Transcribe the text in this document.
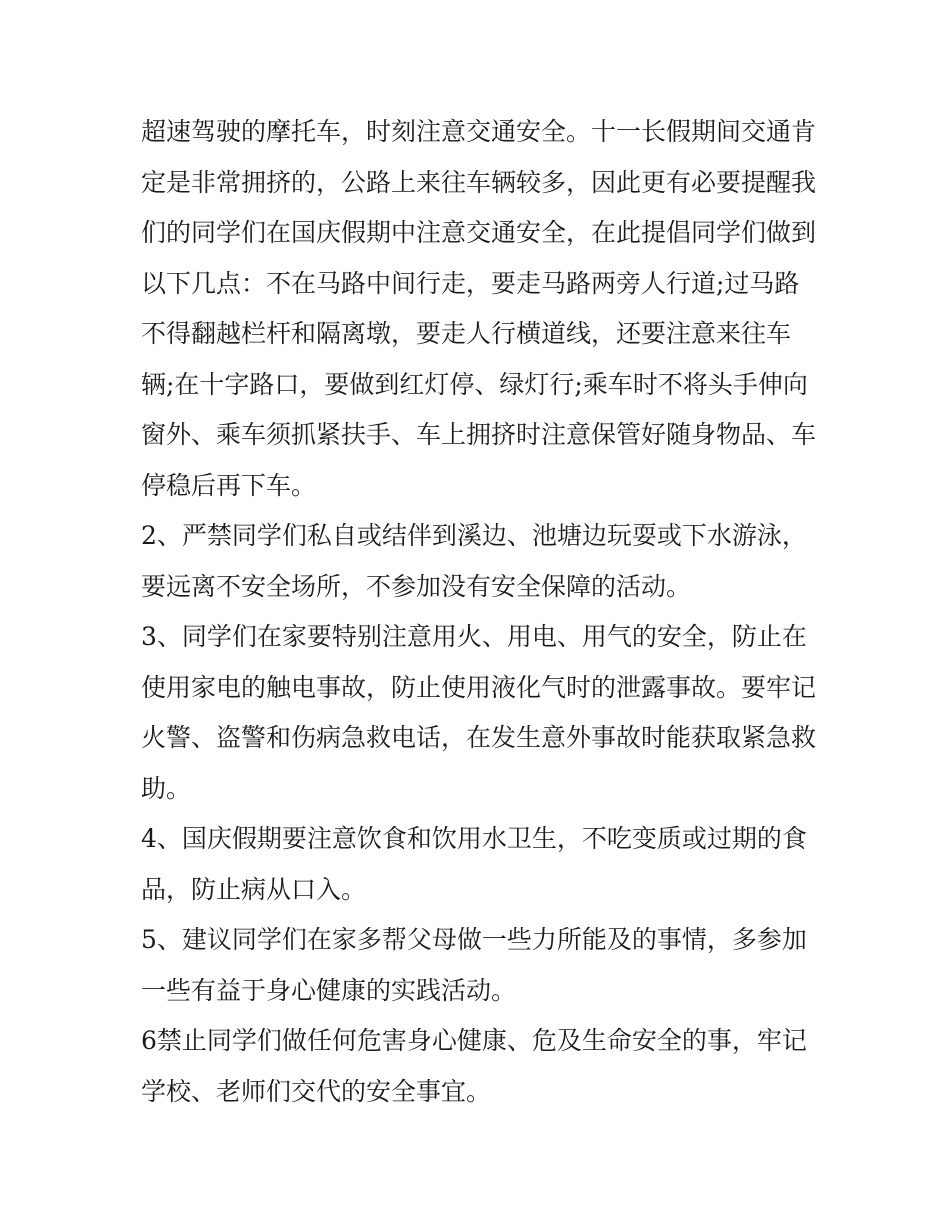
超速驾驶的摩托车，时刻注意交通安全。十一长假期间交通肯
定是非常拥挤的，公路上来往车辆较多，因此更有必要提醒我
们的同学们在国庆假期中注意交通安全，在此提倡同学们做到
以下几点：不在马路中间行走，要走马路两旁人行道;过马路
不得翻越栏杆和隔离墩，要走人行横道线，还要注意来往车
辆;在十字路口，要做到红灯停、绿灯行;乘车时不将头手伸向
窗外、乘车须抓紧扶手、车上拥挤时注意保管好随身物品、车
停稳后再下车。

2、严禁同学们私自或结伴到溪边、池塘边玩耍或下水游泳，
要远离不安全场所，不参加没有安全保障的活动。

3、同学们在家要特别注意用火、用电、用气的安全，防止在
使用家电的触电事故，防止使用液化气时的泄露事故。要牢记
火警、盗警和伤病急救电话，在发生意外事故时能获取紧急救
助。

4、国庆假期要注意饮食和饮用水卫生，不吃变质或过期的食
品，防止病从口入。

5、建议同学们在家多帮父母做一些力所能及的事情，多参加
一些有益于身心健康的实践活动。

6禁止同学们做任何危害身心健康、危及生命安全的事，牢记
学校、老师们交代的安全事宜。
